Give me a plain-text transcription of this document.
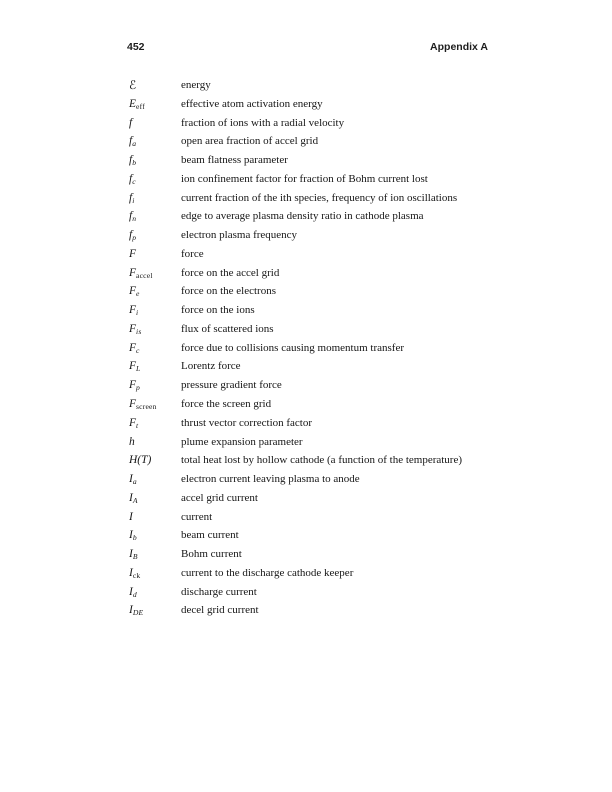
452	Appendix A
ℰ	energy
$E_{eff}$	effective atom activation energy
f	fraction of ions with a radial velocity
$f_a$	open area fraction of accel grid
$f_b$	beam flatness parameter
$f_c$	ion confinement factor for fraction of Bohm current lost
$f_i$	current fraction of the ith species, frequency of ion oscillations
$f_n$	edge to average plasma density ratio in cathode plasma
$f_p$	electron plasma frequency
F	force
$F_{accel}$	force on the accel grid
$F_e$	force on the electrons
$F_i$	force on the ions
$F_{is}$	flux of scattered ions
$F_c$	force due to collisions causing momentum transfer
$F_L$	Lorentz force
$F_p$	pressure gradient force
$F_{screen}$	force the screen grid
$F_t$	thrust vector correction factor
h	plume expansion parameter
H(T)	total heat lost by hollow cathode (a function of the temperature)
$I_a$	electron current leaving plasma to anode
$I_A$	accel grid current
I	current
$I_b$	beam current
$I_B$	Bohm current
$I_{ck}$	current to the discharge cathode keeper
$I_d$	discharge current
$I_{DE}$	decel grid current
